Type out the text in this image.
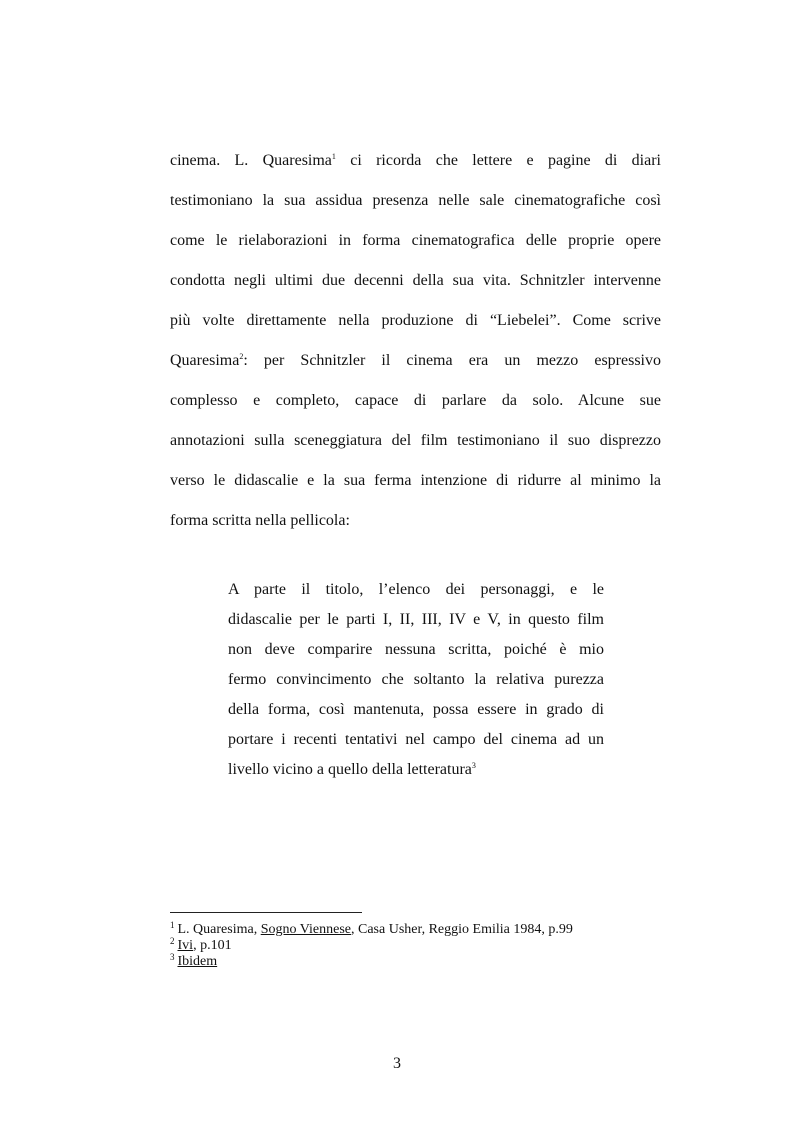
cinema. L. Quaresima$^1$ ci ricorda che lettere e pagine di diari
testimoniano la sua assidua presenza nelle sale cinematografiche così
come le rielaborazioni in forma cinematografica delle proprie opere
condotta negli ultimi due decenni della sua vita. Schnitzler intervenne
più volte direttamente nella produzione di “Liebelei”. Come scrive
Quaresima$^2$: per Schnitzler il cinema era un mezzo espressivo
complesso e completo, capace di parlare da solo. Alcune sue
annotazioni sulla sceneggiatura del film testimoniano il suo disprezzo
verso le didascalie e la sua ferma intenzione di ridurre al minimo la
forma scritta nella pellicola:
A parte il titolo, l’elenco dei personaggi, e le
didascalie per le parti I, II, III, IV e V, in questo film
non deve comparire nessuna scritta, poiché è mio
fermo convincimento che soltanto la relativa purezza
della forma, così mantenuta, possa essere in grado di
portare i recenti tentativi nel campo del cinema ad un
livello vicino a quello della letteratura$^3$
$^1$ L. Quaresima, Sogno Viennese, Casa Usher, Reggio Emilia 1984, p.99
$^2$ Ivi, p.101
$^3$ Ibidem
3
